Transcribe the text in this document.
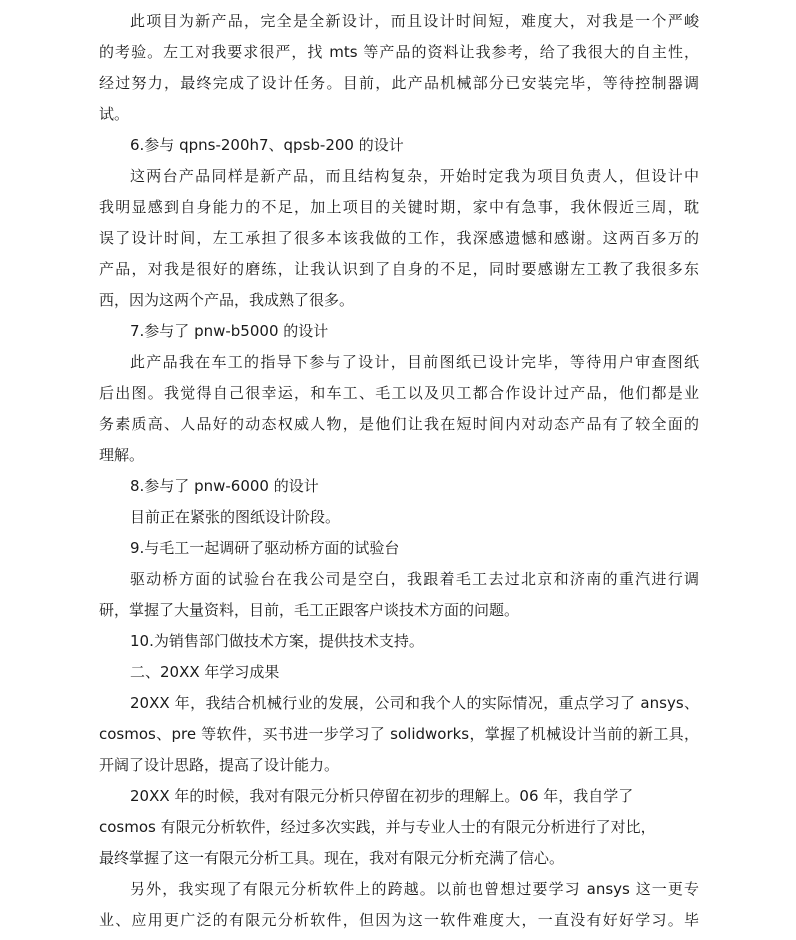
此项目为新产品，完全是全新设计，而且设计时间短，难度大，对我是一个严峻
的考验。左工对我要求很严，找 mts 等产品的资料让我参考，给了我很大的自主性，
经过努力，最终完成了设计任务。目前，此产品机械部分已安装完毕，等待控制器调
试。
6.参与 qpns-200h7、qpsb-200 的设计
这两台产品同样是新产品，而且结构复杂，开始时定我为项目负责人，但设计中
我明显感到自身能力的不足，加上项目的关键时期，家中有急事，我休假近三周，耽
误了设计时间，左工承担了很多本该我做的工作，我深感遗憾和感谢。这两百多万的
产品，对我是很好的磨练，让我认识到了自身的不足，同时要感谢左工教了我很多东
西，因为这两个产品，我成熟了很多。
7.参与了 pnw-b5000 的设计
此产品我在车工的指导下参与了设计，目前图纸已设计完毕，等待用户审查图纸
后出图。我觉得自己很幸运，和车工、毛工以及贝工都合作设计过产品，他们都是业
务素质高、人品好的动态权威人物，是他们让我在短时间内对动态产品有了较全面的
理解。
8.参与了 pnw-6000 的设计
目前正在紧张的图纸设计阶段。
9.与毛工一起调研了驱动桥方面的试验台
驱动桥方面的试验台在我公司是空白，我跟着毛工去过北京和济南的重汽进行调
研，掌握了大量资料，目前，毛工正跟客户谈技术方面的问题。
10.为销售部门做技术方案，提供技术支持。
二、20XX 年学习成果
20XX 年，我结合机械行业的发展，公司和我个人的实际情况，重点学习了 ansys、
cosmos、pre 等软件，买书进一步学习了 solidworks，掌握了机械设计当前的新工具，
开阔了设计思路，提高了设计能力。
20XX 年的时候，我对有限元分析只停留在初步的理解上。06 年，我自学了
cosmos 有限元分析软件，经过多次实践，并与专业人士的有限元分析进行了对比，
最终掌握了这一有限元分析工具。现在，我对有限元分析充满了信心。
另外，我实现了有限元分析软件上的跨越。以前也曾想过要学习 ansys 这一更专
业、应用更广泛的有限元分析软件，但因为这一软件难度大，一直没有好好学习。毕
